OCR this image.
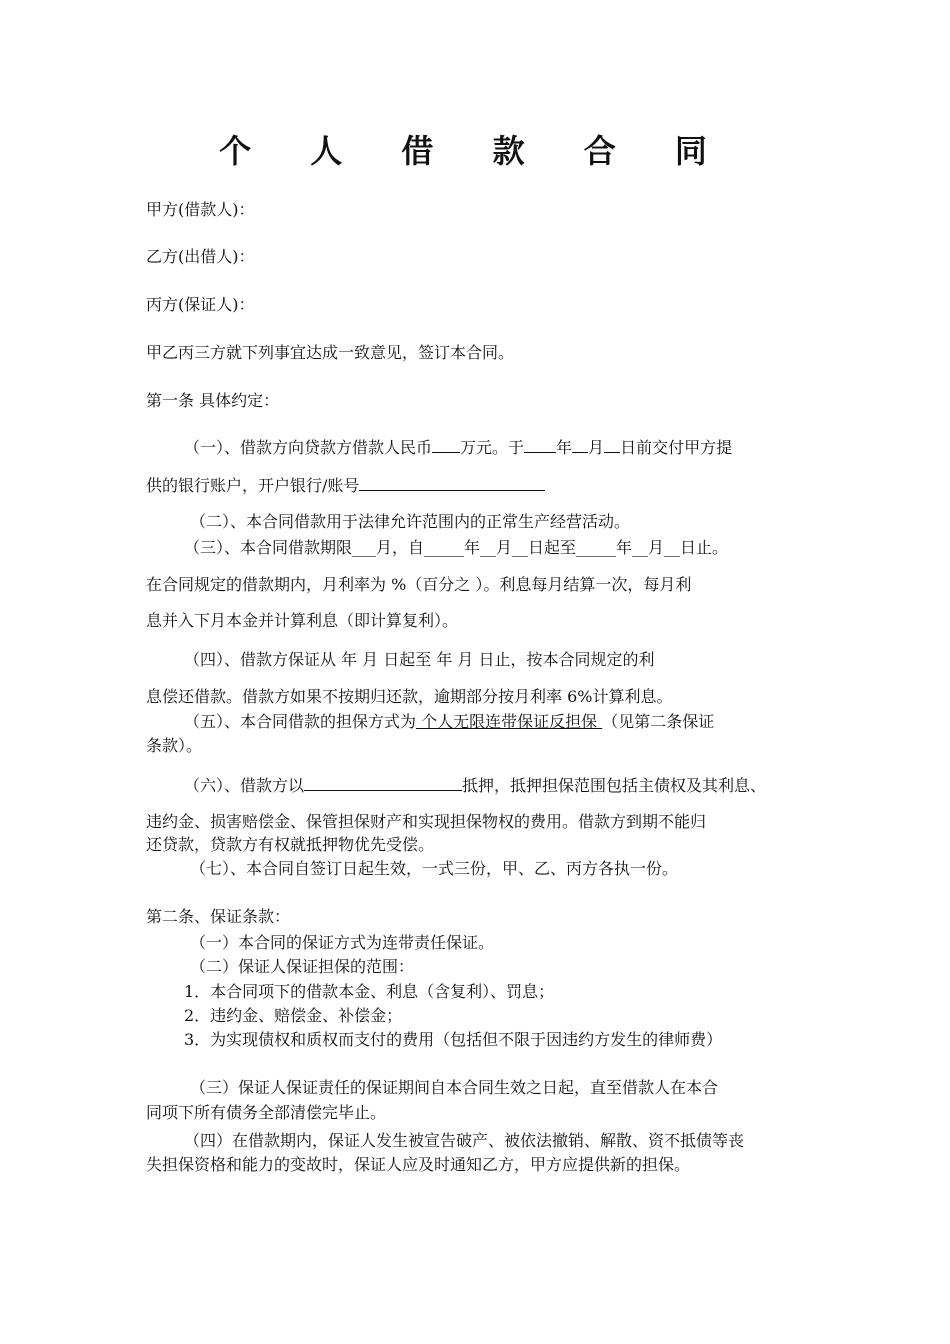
个 人 借 款 合 同
甲方(借款人)：
乙方(出借人)：
丙方(保证人)：
甲乙丙三方就下列事宜达成一致意见，签订本合同。
第一条 具体约定：
（一）、借款方向贷款方借款人民币 万元。于 年 月 日前交付甲方提
供的银行账户，开户银行/账号
（二）、本合同借款用于法律允许范围内的正常生产经营活动。
（三）、本合同借款期限___月，自_____年__月__日起至_____年__月__日止。
在合同规定的借款期内，月利率为 %（百分之 ）。利息每月结算一次，每月利
息并入下月本金并计算利息（即计算复利）。
（四）、借款方保证从 年 月 日起至 年 月 日止，按本合同规定的利
息偿还借款。借款方如果不按期归还款，逾期部分按月利率 6%计算利息。
（五）、本合同借款的担保方式为 个人无限连带保证反担保 （见第二条保证
条款）。
（六）、借款方以	抵押，抵押担保范围包括主债权及其利息、
违约金、损害赔偿金、保管担保财产和实现担保物权的费用。借款方到期不能归
还贷款，贷款方有权就抵押物优先受偿。
（七）、本合同自签订日起生效，一式三份，甲、乙、丙方各执一份。
第二条、保证条款：
（一）本合同的保证方式为连带责任保证。
（二）保证人保证担保的范围：
1．本合同项下的借款本金、利息（含复利）、罚息；
2．违约金、赔偿金、补偿金；
3．为实现债权和质权而支付的费用（包括但不限于因违约方发生的律师费）
（三）保证人保证责任的保证期间自本合同生效之日起，直至借款人在本合
同项下所有债务全部清偿完毕止。
（四）在借款期内，保证人发生被宣告破产、被依法撤销、解散、资不抵债等丧
失担保资格和能力的变故时，保证人应及时通知乙方，甲方应提供新的担保。
